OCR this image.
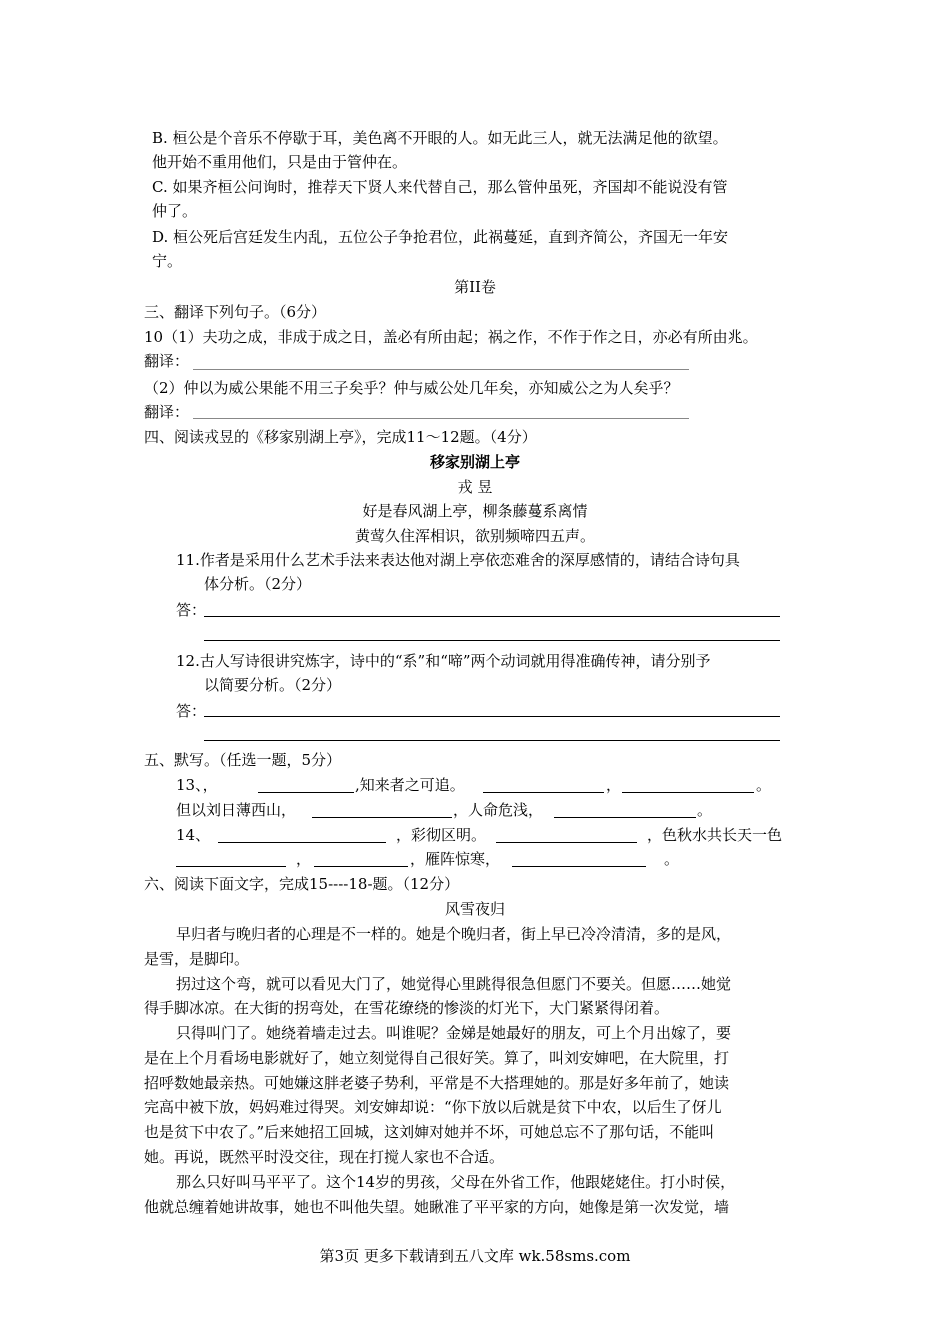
B. 桓公是个音乐不停歇于耳，美色离不开眼的人。如无此三人，就无法满足他的欲望。
他开始不重用他们，只是由于管仲在。
C. 如果齐桓公问询时，推荐天下贤人来代替自己，那么管仲虽死，齐国却不能说没有管
仲了。
D. 桓公死后宫廷发生内乱，五位公子争抢君位，此祸蔓延，直到齐简公，齐国无一年安
宁。
第II卷
三、翻译下列句子。（6分）
10（1）夫功之成，非成于成之日，盖必有所由起；祸之作，不作于作之日，亦必有所由兆。
翻译：
（2）仲以为威公果能不用三子矣乎？仲与威公处几年矣，亦知威公之为人矣乎？
翻译：
四、阅读戎昱的《移家别湖上亭》，完成11～12题。（4分）
移家别湖上亭
戎 昱
好是春风湖上亭，柳条藤蔓系离情
黄莺久住浑相识，欲别频啼四五声。
11.作者是采用什么艺术手法来表达他对湖上亭依恋难舍的深厚感情的，请结合诗句具
体分析。（2分）
答：
12.古人写诗很讲究炼字，诗中的“系”和“啼”两个动词就用得准确传神，请分别予
以简要分析。（2分）
答：
五、默写。（任选一题，5分）
13、，	,知来者之可追。	，	。
但以刘日薄西山，	，人命危浅，	。
14、	，彩彻区明。	，色秋水共长天一色
，	，雁阵惊寒，	。
六、阅读下面文字，完成15----18-题。（12分）
风雪夜归
早归者与晚归者的心理是不一样的。她是个晚归者，街上早已冷冷清清，多的是风，
是雪，是脚印。
拐过这个弯，就可以看见大门了，她觉得心里跳得很急但愿门不要关。但愿……她觉
得手脚冰凉。在大街的拐弯处，在雪花缭绕的惨淡的灯光下，大门紧紧得闭着。
只得叫门了。她绕着墙走过去。叫谁呢？金娣是她最好的朋友，可上个月出嫁了，要
是在上个月看场电影就好了，她立刻觉得自己很好笑。算了，叫刘安婶吧，在大院里，打
招呼数她最亲热。可她嫌这胖老婆子势利，平常是不大搭理她的。那是好多年前了，她读
完高中被下放，妈妈难过得哭。刘安婶却说：“你下放以后就是贫下中农，以后生了伢儿
也是贫下中农了。”后来她招工回城，这刘婶对她并不坏，可她总忘不了那句话，不能叫
她。再说，既然平时没交往，现在打搅人家也不合适。
那么只好叫马平平了。这个14岁的男孩，父母在外省工作，他跟姥姥住。打小时侯，
他就总缠着她讲故事，她也不叫他失望。她瞅准了平平家的方向，她像是第一次发觉，墙
第3页 更多下载请到五八文库 wk.58sms.com
